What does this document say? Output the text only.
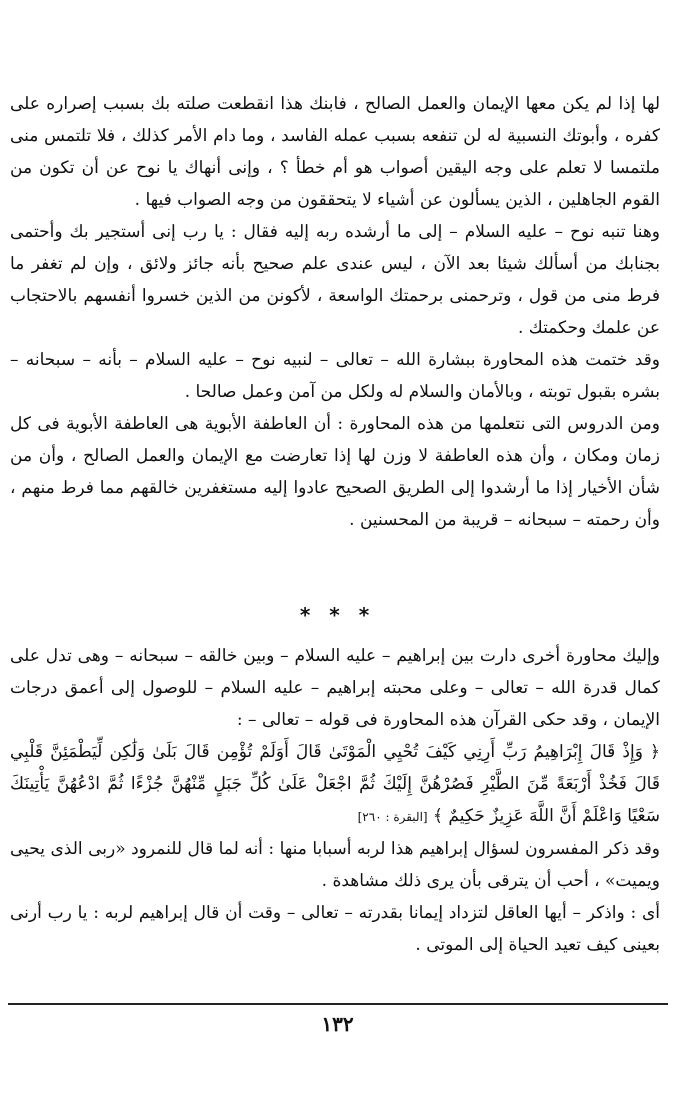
لها إذا لم يكن معها الإيمان والعمل الصالح ، فابنك هذا انقطعت صلته بك بسبب إصراره على كفره ، وأبوتك النسبية له لن تنفعه بسبب عمله الفاسد ، وما دام الأمر كذلك ، فلا تلتمس منى ملتمسا لا تعلم على وجه اليقين أصواب هو أم خطأ ؟ ، وإنى أنهاك يا نوح عن أن تكون من القوم الجاهلين ، الذين يسألون عن أشياء لا يتحققون من وجه الصواب فيها .

وهنا تنبه نوح – عليه السلام – إلى ما أرشده ربه إليه فقال : يا رب إنى أستجير بك وأحتمى بجنابك من أسألك شيئا بعد الآن ، ليس عندى علم صحيح بأنه جائز ولائق ، وإن لم تغفر ما فرط منى من قول ، وترحمنى برحمتك الواسعة ، لأكونن من الذين خسروا أنفسهم بالاحتجاب عن علمك وحكمتك .

وقد ختمت هذه المحاورة ببشارة الله – تعالى – لنبيه نوح – عليه السلام – بأنه – سبحانه – بشره بقبول توبته ، وبالأمان والسلام له ولكل من آمن وعمل صالحا .

ومن الدروس التى نتعلمها من هذه المحاورة : أن العاطفة الأبوية هى العاطفة الأبوية فى كل زمان ومكان ، وأن هذه العاطفة لا وزن لها إذا تعارضت مع الإيمان والعمل الصالح ، وأن من شأن الأخيار إذا ما أرشدوا إلى الطريق الصحيح عادوا إليه مستغفرين خالقهم مما فرط منهم ، وأن رحمته – سبحانه – قريبة من المحسنين .

* * *

وإليك محاورة أخرى دارت بين إبراهيم – عليه السلام – وبين خالقه – سبحانه – وهى تدل على كمال قدرة الله – تعالى – وعلى محبته إبراهيم – عليه السلام – للوصول إلى أعمق درجات الإيمان ، وقد حكى القرآن هذه المحاورة فى قوله – تعالى – :

﴿ وَإِذْ قَالَ إِبْرَاهِيمُ رَبِّ أَرِنِي كَيْفَ تُحْيِي الْمَوْتَىٰ قَالَ أَوَلَمْ تُؤْمِن قَالَ بَلَىٰ وَلَٰكِن لِّيَطْمَئِنَّ قَلْبِي قَالَ فَخُذْ أَرْبَعَةً مِّنَ الطَّيْرِ فَصُرْهُنَّ إِلَيْكَ ثُمَّ اجْعَلْ عَلَىٰ كُلِّ جَبَلٍ مِّنْهُنَّ جُزْءًا ثُمَّ ادْعُهُنَّ يَأْتِينَكَ سَعْيًا وَاعْلَمْ أَنَّ اللَّهَ عَزِيزٌ حَكِيمٌ ﴾ [البقرة : ٢٦٠]

وقد ذكر المفسرون لسؤال إبراهيم هذا لربه أسبابا منها : أنه لما قال للنمرود «ربى الذى يحيى ويميت» ، أحب أن يترقى بأن يرى ذلك مشاهدة .

أى : واذكر – أيها العاقل لتزداد إيمانا بقدرته – تعالى – وقت أن قال إبراهيم لربه : يا رب أرنى بعينى كيف تعيد الحياة إلى الموتى .

١٣٢
